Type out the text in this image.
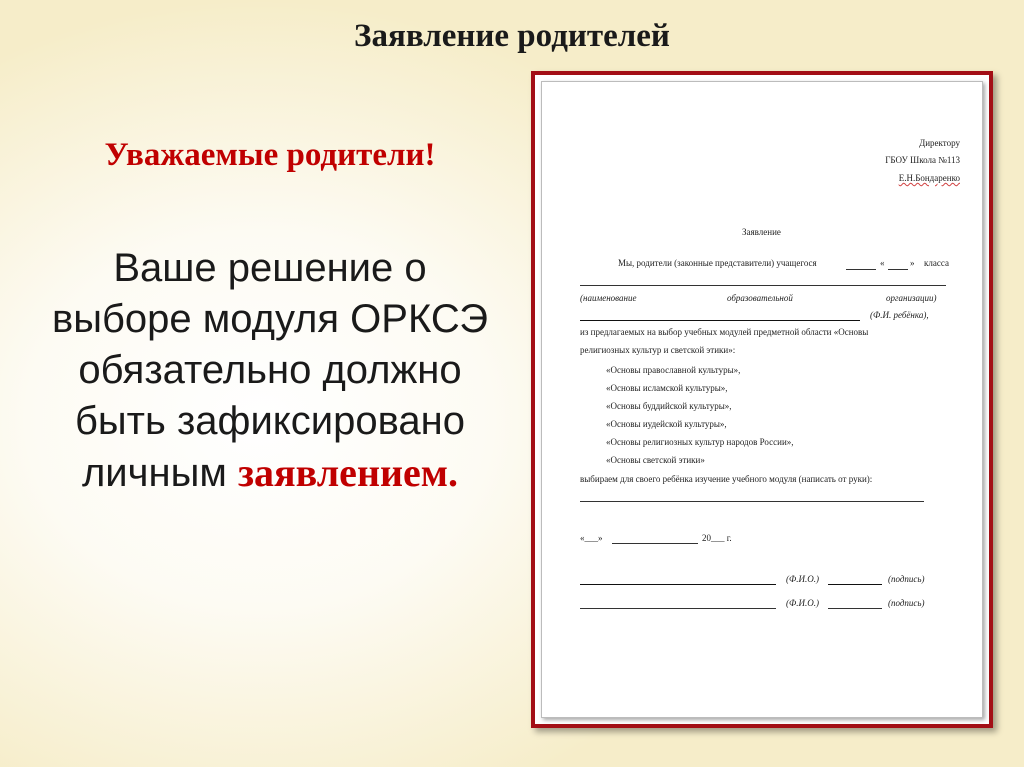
Заявление родителей
Уважаемые родители!
Ваше решение о
выборе модуля ОРКСЭ
обязательно должно
быть зафиксировано
личным заявлением.
Директору
ГБОУ Школа №113
Е.Н.Бондаренко
Заявление
Мы, родители (законные представители) учащегося	«	» класса
(наименование	образовательной	организации)
(Ф.И. ребёнка),
из предлагаемых на выбор учебных модулей предметной области «Основы
религиозных культур и светской этики»:
«Основы православной культуры»,
«Основы исламской культуры»,
«Основы буддийской культуры»,
«Основы иудейской культуры»,
«Основы религиозных культур народов России»,
«Основы светской этики»
выбираем для своего ребёнка изучение учебного модуля (написать от руки):
«___»	20___ г.
(Ф.И.О.)	(подпись)
(Ф.И.О.)	(подпись)
